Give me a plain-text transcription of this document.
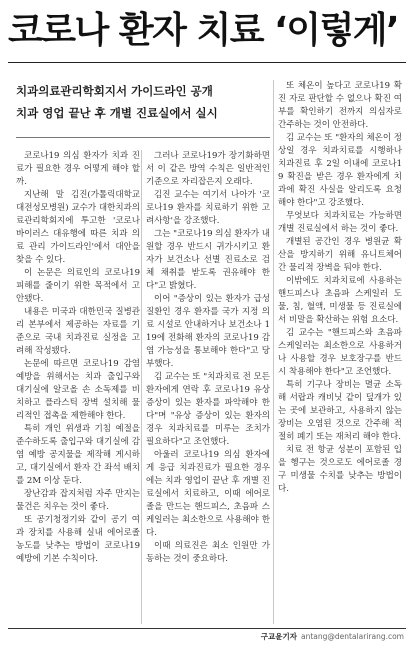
코로나 환자 치료 ‘이렇게’
치과의료관리학회지서 가이드라인 공개
치과 영업 끝난 후 개별 진료실에서 실시

코로나19 의심 환자가 치과 진료가 필요한 경우 어떻게 해야 할까.

지난해 말 김진(가톨릭대학교 대전성모병원) 교수가 대한치과의료관리학회지에 투고한 '코로나 바이러스 대유행에 따른 치과 의료 관리 가이드라인'에서 대안을 찾을 수 있다.

이 논문은 의료인의 코로나19 피해를 줄이기 위한 목적에서 고안됐다.

내용은 미국과 대한민국 질병관리 본부에서 제공하는 자료를 기준으로 국내 치과진료 실정을 고려해 작성됐다.

논문에 따르면 코로나19 감염 예방을 위해서는 치과 출입구와 대기실에 알코올 손 소독제를 비치하고 플라스틱 장벽 설치해 물리적인 접촉을 제한해야 한다.

특히 개인 위생과 기침 예절을 준수하도록 출입구와 대기실에 감염 예방 공지물을 제작해 게시하고, 대기실에서 환자 간 좌석 배치를 2M 이상 둔다.

장난감과 잡지처럼 자주 만지는 물건은 치우는 것이 좋다.

또 공기청정기와 같이 공기 여과 장치를 사용해 실내 에어로졸 농도를 낮추는 방법이 코로나19 예방에 기본 수칙이다.

그러나 코로나19가 장기화하면서 이 같은 방역 수칙은 일반적인 기준으로 자리잡은지 오래다.

김진 교수는 여기서 나아가 '코로나19 환자를 치료하기 위한 고려사항'을 강조했다.

그는 "코로나19 의심 환자가 내원할 경우 반드시 귀가시키고 환자가 보건소나 선별 진료소로 검체 채취를 받도록 권유해야 한다"고 밝혔다.

이어 "증상이 있는 환자가 급성 질환인 경우 환자를 국가 지정 의료 시설로 안내하거나 보건소나 119에 전화해 환자의 코로나19 감염 가능성을 통보해야 한다"고 당부했다.

김 교수는 또 "치과치료 전 모든 환자에게 연락 후 코로나19 유상 증상이 있는 환자를 파악해야 한다"며 "유상 증상이 있는 환자의 경우 치과치료를 미루는 조치가 필요하다"고 조언했다.

아울러 코로나19 의심 환자에 게 응급 치과진료가 필요한 경우에는 치과 영업이 끝난 후 개별 진료실에서 치료하고, 이때 에어로졸을 만드는 핸드피스, 초음파 스케일러는 최소한으로 사용해야 한다.

이때 의료진은 최소 인원만 가동하는 것이 중요하다.

또 체온이 높다고 코로나19 확진 자로 판단할 수 없으나 확진 여부를 확인하기 전까지 의심자로 간주하는 것이 안전하다.

김 교수는 또 "환자의 체온이 정상일 경우 치과치료를 시행하나 치과진료 후 2일 이내에 코로나19 확진을 받은 경우 환자에게 치과에 확진 사실을 알리도록 요청해야 한다"고 강조했다.

무엇보다 치과치료는 가능하면 개별 진료실에서 하는 것이 좋다.

개별된 공간인 경우 병원균 확산을 방지하기 위해 유니트체어 간 물리적 장벽을 둬야 한다.

이밖에도 치과치료에 사용하는 핸드피스나 초음파 스케일러 도 물, 침, 혈액, 미생물 등 진료실에서 비말을 확산하는 위험 요소다.

김 교수는 "핸드피스와 초음파 스케일러는 최소한으로 사용하거나 사용할 경우 보호장구를 반드시 착용해야 한다"고 조언했다.

특히 기구나 장비는 멸균 소독해 서랍과 캐비닛 같이 덮개가 있는 곳에 보관하고, 사용하지 않는 장비는 오염된 것으로 간주해 적절히 폐기 또는 재처리 해야 한다.

치료 전 항균 성분이 포함된 입을 헹구는 것으로도 에어로졸 경구 미생물 수치를 낮추는 방법이다.

구교윤기자 antang@dentalarirang.com
